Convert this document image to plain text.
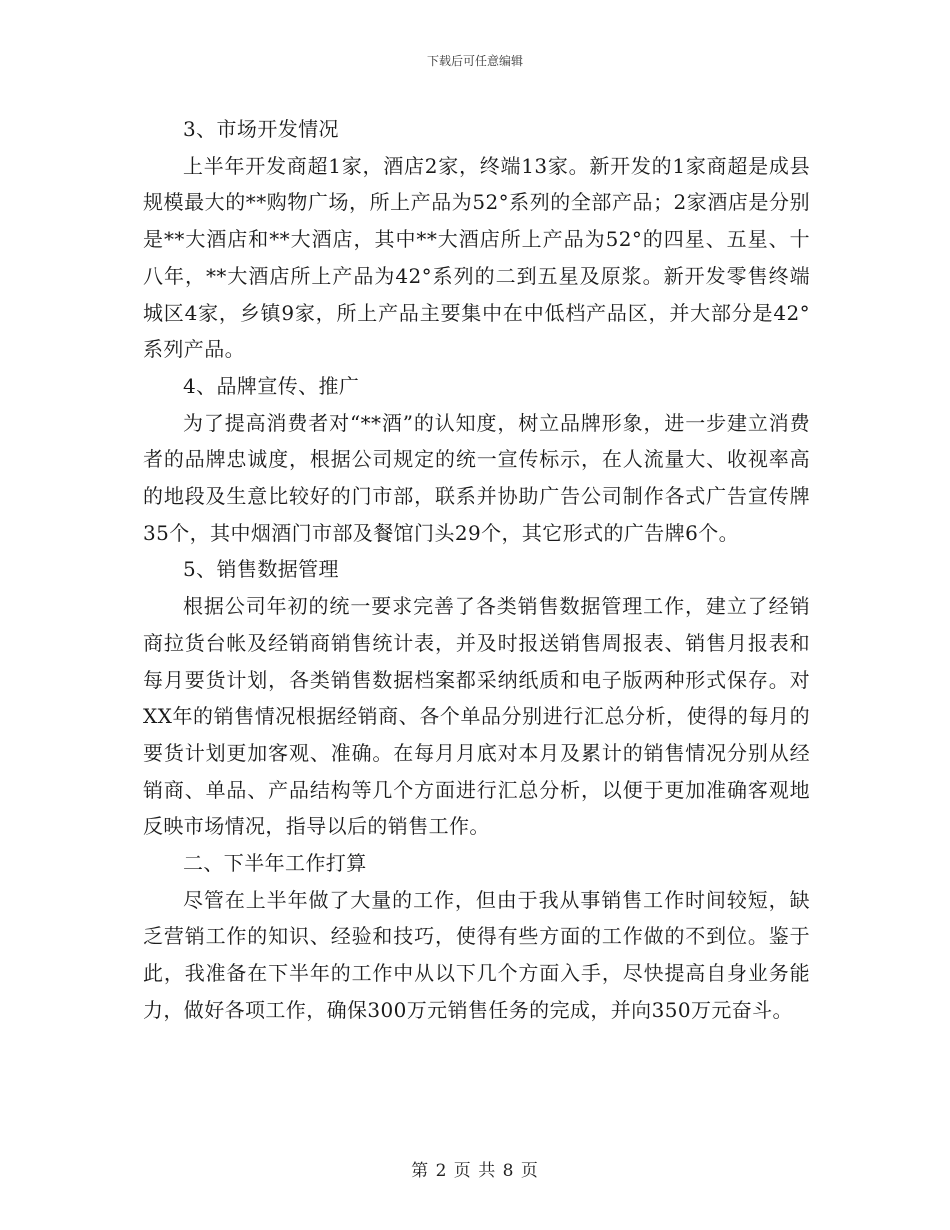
下载后可任意编辑

3、市场开发情况

上半年开发商超1家，酒店2家，终端13家。新开发的1家商超是成县规模最大的**购物广场，所上产品为52°系列的全部产品；2家酒店是分别是**大酒店和**大酒店，其中**大酒店所上产品为52°的四星、五星、十八年，**大酒店所上产品为42°系列的二到五星及原浆。新开发零售终端城区4家，乡镇9家，所上产品主要集中在中低档产品区，并大部分是42°系列产品。

4、品牌宣传、推广

为了提高消费者对“**酒”的认知度，树立品牌形象，进一步建立消费者的品牌忠诚度，根据公司规定的统一宣传标示，在人流量大、收视率高的地段及生意比较好的门市部，联系并协助广告公司制作各式广告宣传牌35个，其中烟酒门市部及餐馆门头29个，其它形式的广告牌6个。

5、销售数据管理

根据公司年初的统一要求完善了各类销售数据管理工作，建立了经销商拉货台帐及经销商销售统计表，并及时报送销售周报表、销售月报表和每月要货计划，各类销售数据档案都采纳纸质和电子版两种形式保存。对XX年的销售情况根据经销商、各个单品分别进行汇总分析，使得的每月的要货计划更加客观、准确。在每月月底对本月及累计的销售情况分别从经销商、单品、产品结构等几个方面进行汇总分析，以便于更加准确客观地反映市场情况，指导以后的销售工作。

二、下半年工作打算

尽管在上半年做了大量的工作，但由于我从事销售工作时间较短，缺乏营销工作的知识、经验和技巧，使得有些方面的工作做的不到位。鉴于此，我准备在下半年的工作中从以下几个方面入手，尽快提高自身业务能力，做好各项工作，确保300万元销售任务的完成，并向350万元奋斗。

第 2 页 共 8 页
